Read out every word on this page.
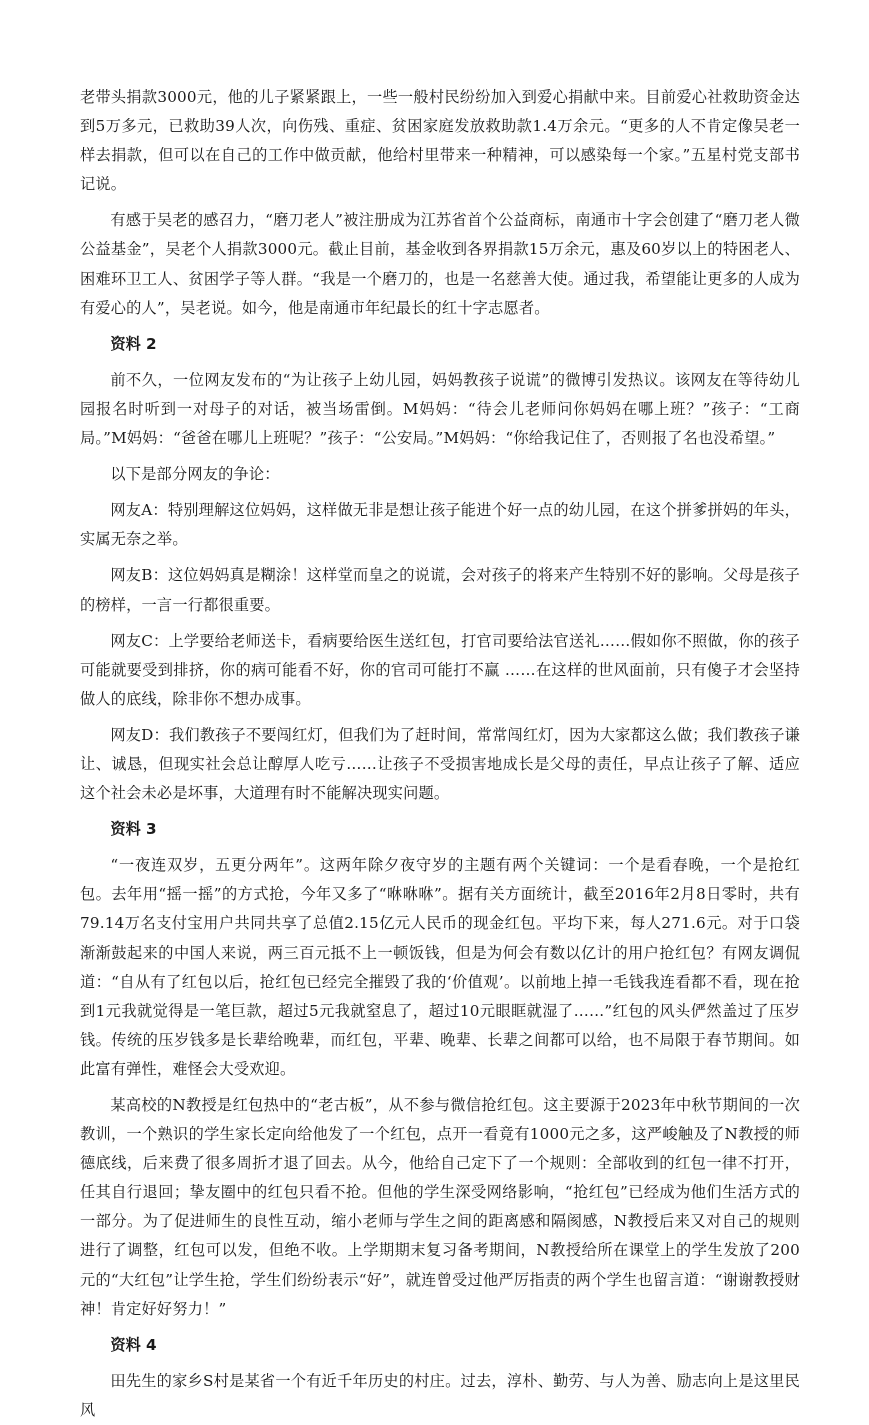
老带头捐款3000元，他的儿子紧紧跟上，一些一般村民纷纷加入到爱心捐献中来。目前爱心社救助资金达到5万多元，已救助39人次，向伤残、重症、贫困家庭发放救助款1.4万余元。“更多的人不肯定像吴老一样去捐款，但可以在自己的工作中做贡献，他给村里带来一种精神，可以感染每一个家。”五星村党支部书记说。

有感于吴老的感召力，“磨刀老人”被注册成为江苏省首个公益商标，南通市十字会创建了“磨刀老人微公益基金”，吴老个人捐款3000元。截止目前，基金收到各界捐款15万余元，惠及60岁以上的特困老人、困难环卫工人、贫困学子等人群。“我是一个磨刀的，也是一名慈善大使。通过我，希望能让更多的人成为有爱心的人”，吴老说。如今，他是南通市年纪最长的红十字志愿者。

资料 2

前不久，一位网友发布的“为让孩子上幼儿园，妈妈教孩子说谎”的微博引发热议。该网友在等待幼儿园报名时听到一对母子的对话，被当场雷倒。M妈妈：“待会儿老师问你妈妈在哪上班？”孩子：“工商局。”M妈妈：“爸爸在哪儿上班呢？”孩子：“公安局。”M妈妈：“你给我记住了，否则报了名也没希望。”

以下是部分网友的争论：

网友A：特别理解这位妈妈，这样做无非是想让孩子能进个好一点的幼儿园，在这个拼爹拼妈的年头，实属无奈之举。

网友B：这位妈妈真是糊涂！这样堂而皇之的说谎，会对孩子的将来产生特别不好的影响。父母是孩子的榜样，一言一行都很重要。

网友C：上学要给老师送卡，看病要给医生送红包，打官司要给法官送礼……假如你不照做，你的孩子可能就要受到排挤，你的病可能看不好，你的官司可能打不赢 ……在这样的世风面前，只有傻子才会坚持做人的底线，除非你不想办成事。

网友D：我们教孩子不要闯红灯，但我们为了赶时间，常常闯红灯，因为大家都这么做；我们教孩子谦让、诚恳，但现实社会总让醇厚人吃亏……让孩子不受损害地成长是父母的责任，早点让孩子了解、适应这个社会未必是坏事，大道理有时不能解决现实问题。

资料 3

“一夜连双岁，五更分两年”。这两年除夕夜守岁的主题有两个关键词：一个是看春晚，一个是抢红包。去年用“摇一摇”的方式抢，今年又多了“咻咻咻”。据有关方面统计，截至2016年2月8日零时，共有79.14万名支付宝用户共同共享了总值2.15亿元人民币的现金红包。平均下来，每人271.6元。对于口袋渐渐鼓起来的中国人来说，两三百元抵不上一顿饭钱，但是为何会有数以亿计的用户抢红包？有网友调侃道：“自从有了红包以后，抢红包已经完全摧毁了我的‘价值观’。以前地上掉一毛钱我连看都不看，现在抢到1元我就觉得是一笔巨款，超过5元我就窒息了，超过10元眼眶就湿了……”红包的风头俨然盖过了压岁钱。传统的压岁钱多是长辈给晚辈，而红包，平辈、晚辈、长辈之间都可以给，也不局限于春节期间。如此富有弹性，难怪会大受欢迎。

某高校的N教授是红包热中的“老古板”，从不参与微信抢红包。这主要源于2023年中秋节期间的一次教训，一个熟识的学生家长定向给他发了一个红包，点开一看竟有1000元之多，这严峻触及了N教授的师德底线，后来费了很多周折才退了回去。从今，他给自己定下了一个规则：全部收到的红包一律不打开，任其自行退回；挚友圈中的红包只看不抢。但他的学生深受网络影响，“抢红包”已经成为他们生活方式的一部分。为了促进师生的良性互动，缩小老师与学生之间的距离感和隔阂感，N教授后来又对自己的规则进行了调整，红包可以发，但绝不收。上学期期末复习备考期间，N教授给所在课堂上的学生发放了200元的“大红包”让学生抢，学生们纷纷表示“好”，就连曾受过他严厉指责的两个学生也留言道：“谢谢教授财神！肯定好好努力！”

资料 4

田先生的家乡S村是某省一个有近千年历史的村庄。过去，淳朴、勤劳、与人为善、励志向上是这里民风
